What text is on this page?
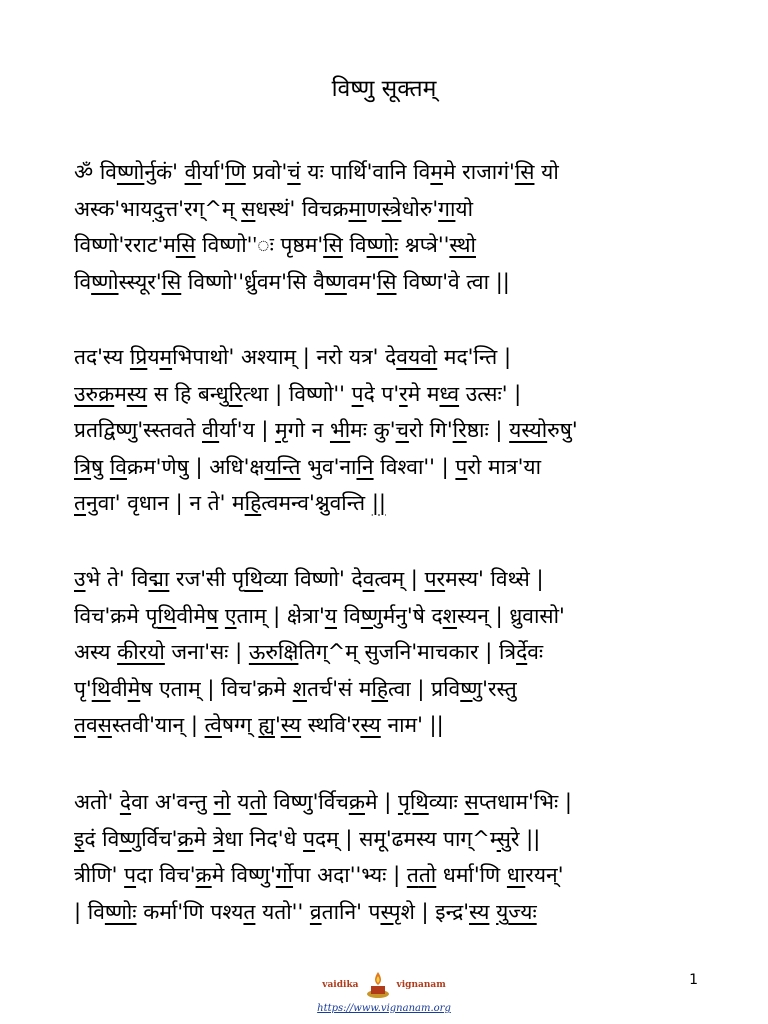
विष्णु सूक्तम्
ॐ विष्णोर्नुकं' वीर्या'णि प्रवो'चं यः पार्थि'वानि विममे राजागं'सि यो
अस्क'भायदुत्त'रग्^म् सधस्थं' विचक्रमाणस्त्रेधोरु'गायो
विष्णो'रराट'मसि विष्णो''ः पृष्ठम'सि विष्णोः श्नप्त्रे''स्थो
विष्णोस्स्यूर'सि विष्णो''र्ध्रुवम'सि वैष्णवम'सि विष्ण'वे त्वा ||
तद'स्य प्रियमभिपाथो' अश्याम् | नरो यत्र' देवयवो मद'न्ति |
उरुक्रमस्य स हि बन्धुरित्था | विष्णो'' पदे प'रमे मध्व उत्सः' |
प्रतद्विष्णु'स्स्तवते वीर्या'य | मृगो न भीमः कु'चरो गि'रिष्ठाः | यस्योरुषु'
त्रिषु विक्रम'णेषु | अधि'क्षयन्ति भुव'नानि विश्वा'' | परो मात्र'या
तनुवा' वृधान | न ते' महित्वमन्व'श्नुवन्ति ||
उभे ते' विद्मा रज'सी पृथिव्या विष्णो' देवत्वम् | परमस्य' विथ्से |
विच'क्रमे पृथिवीमेष एताम् | क्षेत्रा'य विष्णुर्मनु'षे दशस्यन् | ध्रुवासो'
अस्य कीरयो जना'सः | ऊरुक्षितिग्^म् सुजनि'माचकार | त्रिर्देवः
पृ'थिवीमेष एताम् | विच'क्रमे शतर्च'सं महित्वा | प्रविष्णु'रस्तु
तवसस्तवी'यान् | त्वेषग्ग् ह्य'स्य स्थवि'रस्य नाम' ||
अतो' देवा अ'वन्तु नो यतो विष्णु'र्विचक्रमे | पृथिव्याः सप्तधाम'भिः |
इदं विष्णुर्विच'क्रमे त्रेधा निद'धे पदम् | समू'ढमस्य पाग्^म्सुरे ||
त्रीणि' पदा विच'क्रमे विष्णु'र्गोपा अदा''भ्यः | ततो धर्मा'णि धारयन्'
| विष्णोः कर्मा'णि पश्यत यतो'' व्रतानि' पस्पृशे | इन्द्र'स्य युज्यः
vaidika	vignanam
https://www.vignanam.org
1
